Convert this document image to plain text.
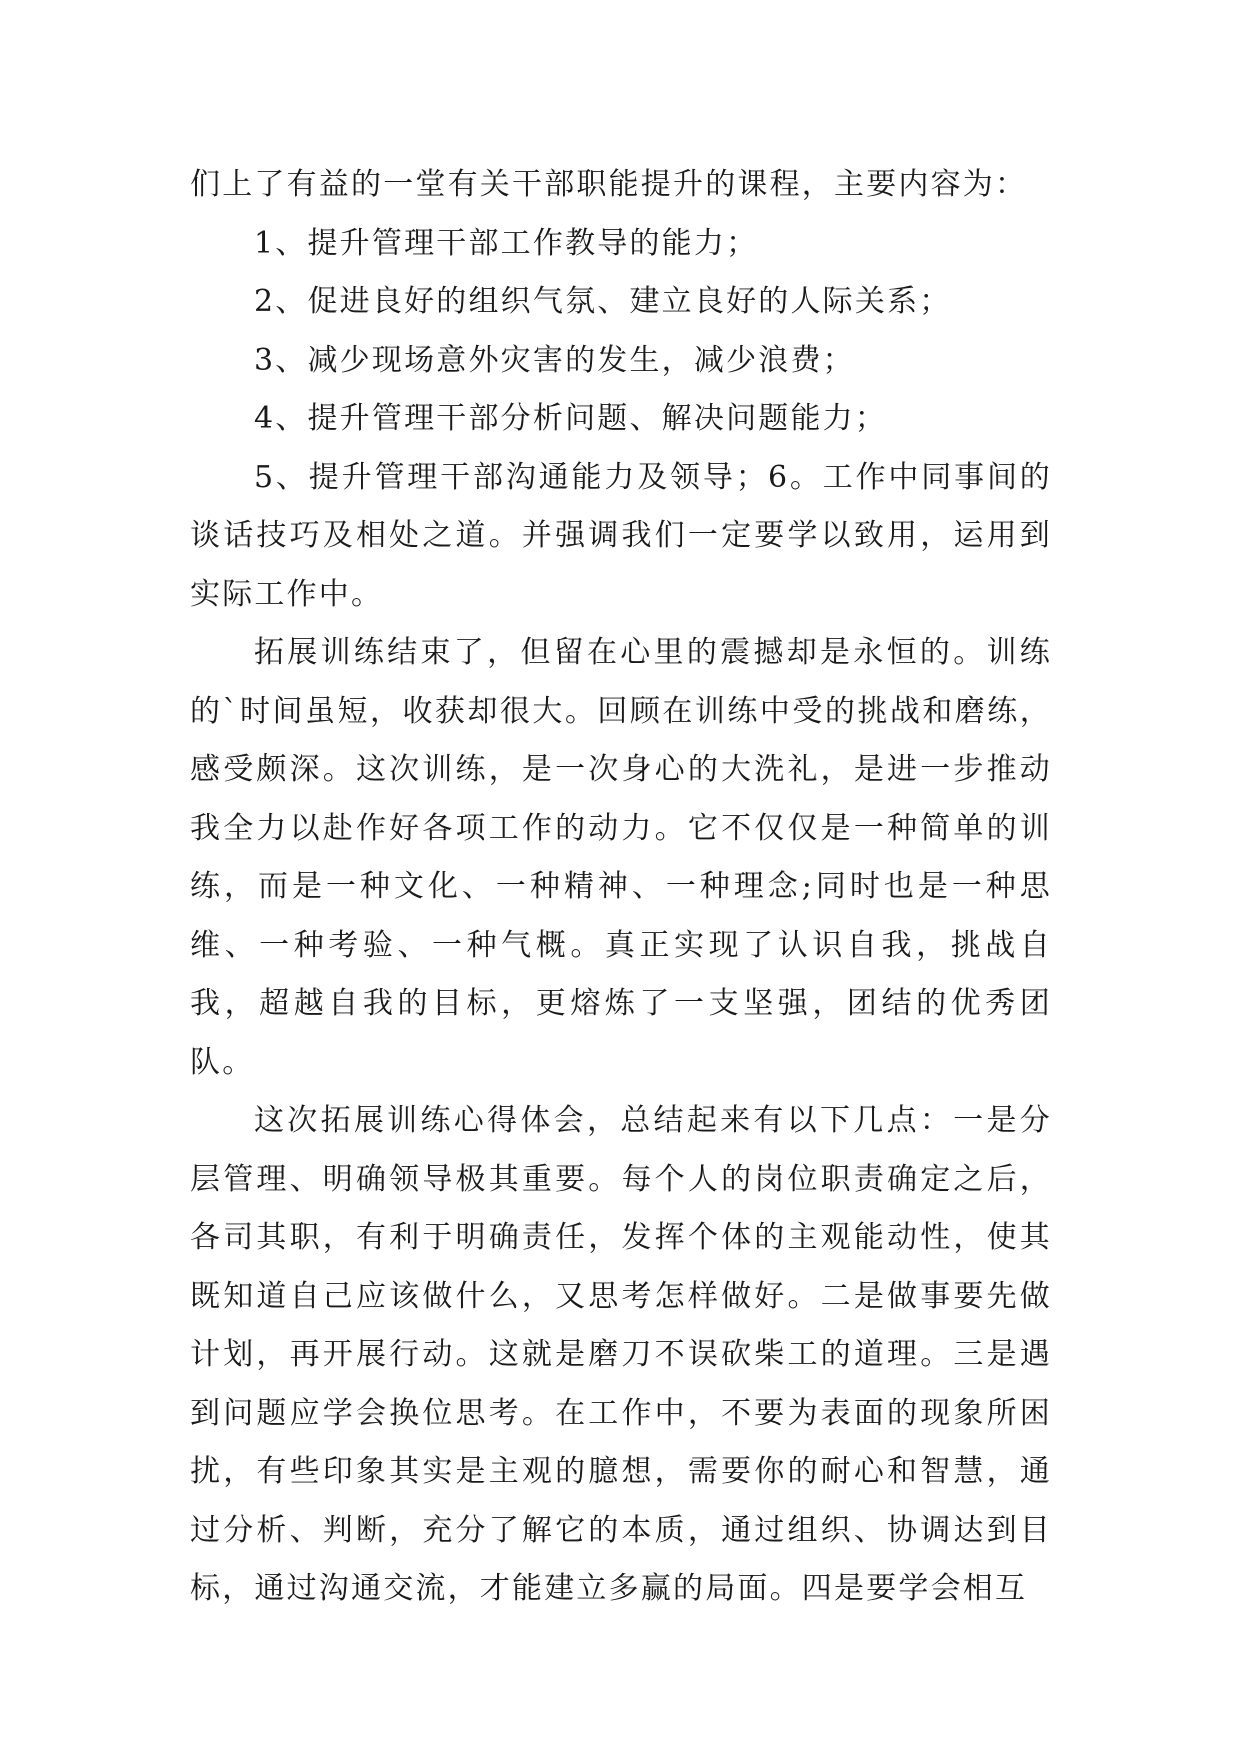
们上了有益的一堂有关干部职能提升的课程，主要内容为：

1、提升管理干部工作教导的能力；

2、促进良好的组织气氛、建立良好的人际关系；

3、减少现场意外灾害的发生，减少浪费；

4、提升管理干部分析问题、解决问题能力；

5、提升管理干部沟通能力及领导；6。工作中同事间的谈话技巧及相处之道。并强调我们一定要学以致用，运用到实际工作中。

拓展训练结束了，但留在心里的震撼却是永恒的。训练的`时间虽短，收获却很大。回顾在训练中受的挑战和磨练，感受颇深。这次训练，是一次身心的大洗礼，是进一步推动我全力以赴作好各项工作的动力。它不仅仅是一种简单的训练，而是一种文化、一种精神、一种理念;同时也是一种思维、一种考验、一种气概。真正实现了认识自我，挑战自我，超越自我的目标，更熔炼了一支坚强，团结的优秀团队。

这次拓展训练心得体会，总结起来有以下几点：一是分层管理、明确领导极其重要。每个人的岗位职责确定之后，各司其职，有利于明确责任，发挥个体的主观能动性，使其既知道自己应该做什么，又思考怎样做好。二是做事要先做计划，再开展行动。这就是磨刀不误砍柴工的道理。三是遇到问题应学会换位思考。在工作中，不要为表面的现象所困扰，有些印象其实是主观的臆想，需要你的耐心和智慧，通过分析、判断，充分了解它的本质，通过组织、协调达到目标，通过沟通交流，才能建立多赢的局面。四是要学会相互
